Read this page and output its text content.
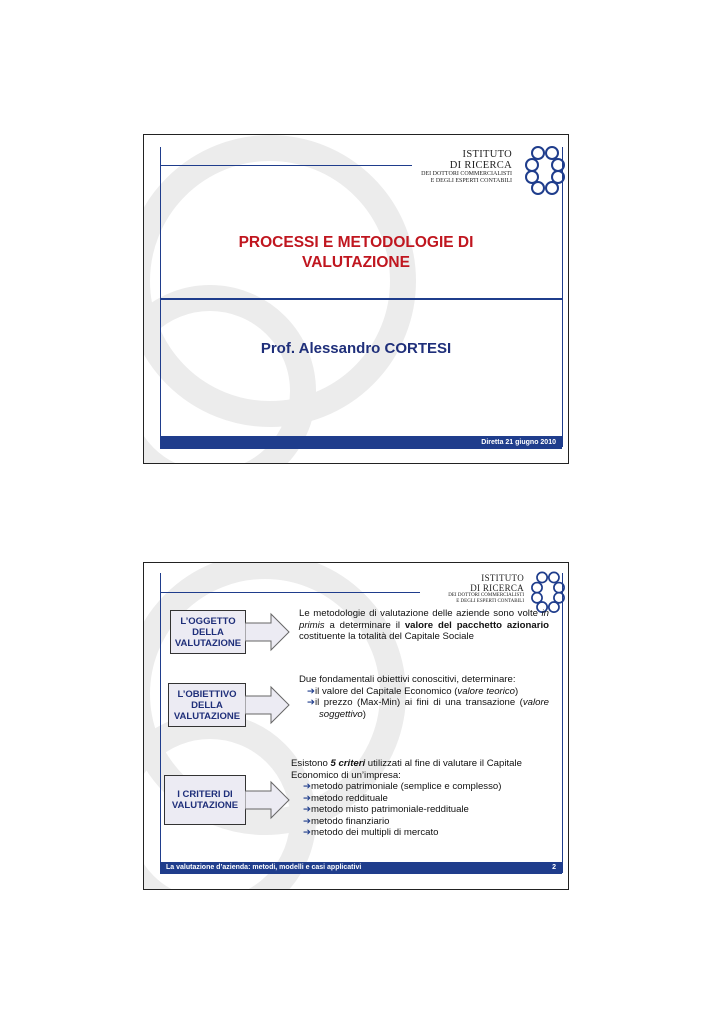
ISTITUTO
DI RICERCA
DEI DOTTORI COMMERCIALISTI
E DEGLI ESPERTI CONTABILI
PROCESSI E METODOLOGIE DI
VALUTAZIONE
Prof. Alessandro CORTESI
Diretta 21 giugno 2010
ISTITUTO
DI RICERCA
DEI DOTTORI COMMERCIALISTI
E DEGLI ESPERTI CONTABILI
L’OGGETTO
DELLA
VALUTAZIONE
L’OBIETTIVO
DELLA
VALUTAZIONE
I CRITERI DI
VALUTAZIONE
Le metodologie di valutazione delle aziende sono volte in primis a determinare il valore del pacchetto azionario costituente la totalità del Capitale Sociale
Due fondamentali obiettivi conoscitivi, determinare:
➔il valore del Capitale Economico (valore teorico)
➔il prezzo (Max-Min) ai fini di una transazione (valore soggettivo)
Esistono 5 criteri utilizzati al fine di valutare il Capitale Economico di un’impresa:
➔metodo patrimoniale (semplice e complesso)
➔metodo reddituale
➔metodo misto patrimoniale-reddituale
➔metodo finanziario
➔metodo dei multipli di mercato
La valutazione d’azienda: metodi, modelli e casi applicativi	2
